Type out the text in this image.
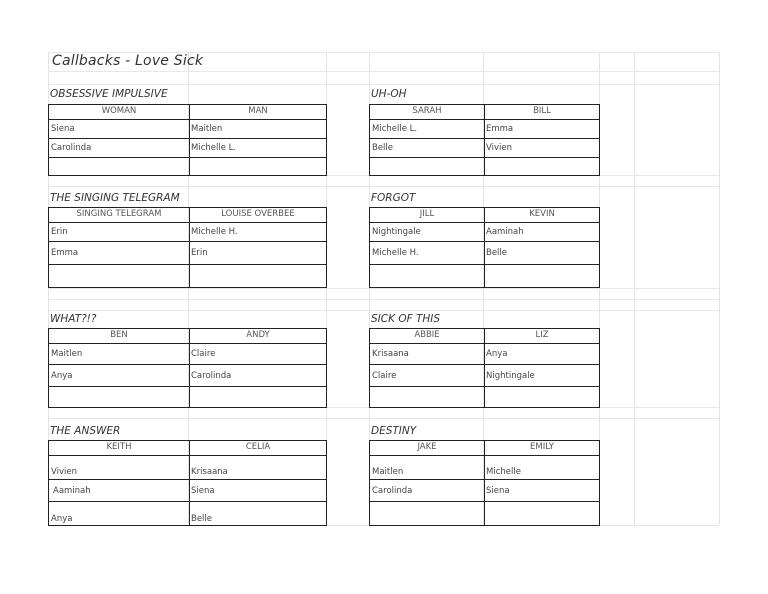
Callbacks - Love Sick
OBSESSIVE IMPULSIVE
WOMAN	MAN
Siena	Maitlen
Carolinda	Michelle L.
UH-OH
SARAH	BILL
Michelle L.	Emma
Belle	Vivien
THE SINGING TELEGRAM
SINGING TELEGRAM	LOUISE OVERBEE
Erin	Michelle H.
Emma	Erin
FORGOT
JILL	KEVIN
Nightingale	Aaminah
Michelle H.	Belle
WHAT?!?
BEN	ANDY
Maitlen	Claire
Anya	Carolinda
SICK OF THIS
ABBIE	LIZ
Krisaana	Anya
Claire	Nightingale
THE ANSWER
KEITH	CELIA
Vivien	Krisaana
Aaminah	Siena
Anya	Belle
DESTINY
JAKE	EMILY
Maitlen	Michelle
Carolinda	Siena
